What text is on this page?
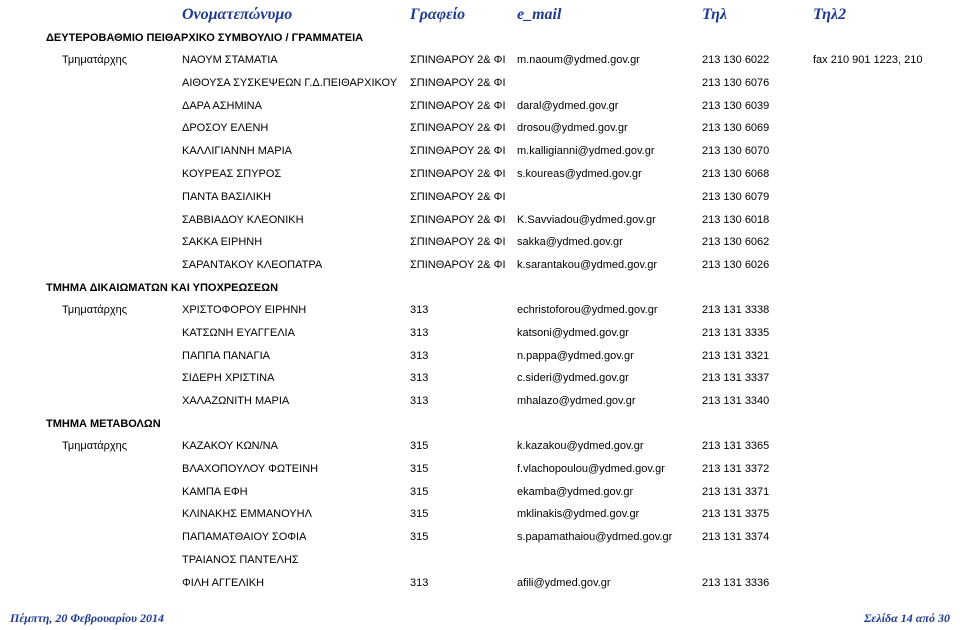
Ονοματεπώνυμο	Γραφείο	e_mail	Τηλ	Τηλ2
ΔΕΥΤΕΡΟΒΑΘΜΙΟ ΠΕΙΘΑΡΧΙΚΟ ΣΥΜΒΟΥΛΙΟ / ΓΡΑΜΜΑΤΕΙΑ
Τμηματάρχης	ΝΑΟΥΜ ΣΤΑΜΑΤΙΑ	ΣΠΙΝΘΑΡΟΥ 2& ΦΙ	m.naoum@ydmed.gov.gr	213 130 6022	fax 210 901 1223, 210
ΑΙΘΟΥΣΑ ΣΥΣΚΕΨΕΩΝ Γ.Δ.ΠΕΙΘΑΡΧΙΚΟΥ ΣΠΙΝΘΑΡΟΥ 2& ΦΙ	213 130 6076
ΔΑΡΑ ΑΣΗΜΙΝΑ	ΣΠΙΝΘΑΡΟΥ 2& ΦΙ	daral@ydmed.gov.gr	213 130 6039
ΔΡΟΣΟΥ ΕΛΕΝΗ	ΣΠΙΝΘΑΡΟΥ 2& ΦΙ	drosou@ydmed.gov.gr	213 130 6069
ΚΑΛΛΙΓΙΑΝΝΗ ΜΑΡΙΑ	ΣΠΙΝΘΑΡΟΥ 2& ΦΙ	m.kalligianni@ydmed.gov.gr	213 130 6070
ΚΟΥΡΕΑΣ ΣΠΥΡΟΣ	ΣΠΙΝΘΑΡΟΥ 2& ΦΙ	s.koureas@ydmed.gov.gr	213 130 6068
ΠΑΝΤΑ ΒΑΣΙΛΙΚΗ	ΣΠΙΝΘΑΡΟΥ 2& ΦΙ	213 130 6079
ΣΑΒΒΙΑΔΟΥ ΚΛΕΟΝΙΚΗ	ΣΠΙΝΘΑΡΟΥ 2& ΦΙ	K.Savviadou@ydmed.gov.gr	213 130 6018
ΣΑΚΚΑ ΕΙΡΗΝΗ	ΣΠΙΝΘΑΡΟΥ 2& ΦΙ	sakka@ydmed.gov.gr	213 130 6062
ΣΑΡΑΝΤΑΚΟΥ ΚΛΕΟΠΑΤΡΑ	ΣΠΙΝΘΑΡΟΥ 2& ΦΙ	k.sarantakou@ydmed.gov.gr	213 130 6026
ΤΜΗΜΑ ΔΙΚΑΙΩΜΑΤΩΝ ΚΑΙ ΥΠΟΧΡΕΩΣΕΩΝ
Τμηματάρχης	ΧΡΙΣΤΟΦΟΡΟΥ ΕΙΡΗΝΗ	313	echristoforou@ydmed.gov.gr	213 131 3338
ΚΑΤΣΩΝΗ ΕΥΑΓΓΕΛΙΑ	313	katsoni@ydmed.gov.gr	213 131 3335
ΠΑΠΠΑ ΠΑΝΑΓΙΑ	313	n.pappa@ydmed.gov.gr	213 131 3321
ΣΙΔΕΡΗ ΧΡΙΣΤΙΝΑ	313	c.sideri@ydmed.gov.gr	213 131 3337
ΧΑΛΑΖΩΝΙΤΗ ΜΑΡΙΑ	313	mhalazo@ydmed.gov.gr	213 131 3340
ΤΜΗΜΑ ΜΕΤΑΒΟΛΩΝ
Τμηματάρχης	ΚΑΖΑΚΟΥ ΚΩΝ/ΝΑ	315	k.kazakou@ydmed.gov.gr	213 131 3365
ΒΛΑΧΟΠΟΥΛΟΥ ΦΩΤΕΙΝΗ	315	f.vlachopoulou@ydmed.gov.gr	213 131 3372
ΚΑΜΠΑ ΕΦΗ	315	ekamba@ydmed.gov.gr	213 131 3371
ΚΛΙΝΑΚΗΣ ΕΜΜΑΝΟΥΗΛ	315	mklinakis@ydmed.gov.gr	213 131 3375
ΠΑΠΑΜΑΤΘΑΙΟΥ ΣΟΦΙΑ	315	s.papamathaiou@ydmed.gov.gr	213 131 3374
ΤΡΑΙΑΝΟΣ ΠΑΝΤΕΛΗΣ
ΦΙΛΗ ΑΓΓΕΛΙΚΗ	313	afili@ydmed.gov.gr	213 131 3336
Πέμπτη, 20 Φεβρουαρίου 2014	Σελίδα 14 από 30
